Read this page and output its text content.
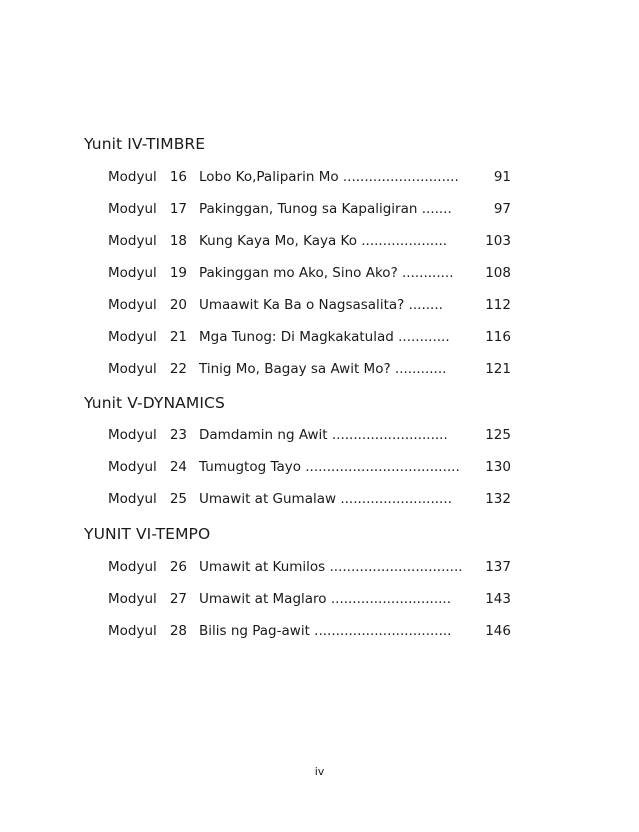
Yunit IV-TIMBRE
Modyul 16 Lobo Ko,Paliparin Mo ...........................	91
Modyul 17 Pakinggan, Tunog sa Kapaligiran .......	97
Modyul 18 Kung Kaya Mo, Kaya Ko ....................	103
Modyul 19 Pakinggan mo Ako, Sino Ako? ............ 108
Modyul 20 Umaawit Ka Ba o Nagsasalita? ........	112
Modyul 21 Mga Tunog: Di Magkakatulad ............	116
Modyul 22 Tinig Mo, Bagay sa Awit Mo? ............	121
Yunit V-DYNAMICS
Modyul 23 Damdamin ng Awit ...........................	125
Modyul 24 Tumugtog Tayo .................................... 130
Modyul 25 Umawit at Gumalaw .......................... 132
YUNIT VI-TEMPO
Modyul 26 Umawit at Kumilos ............................... 137
Modyul 27 Umawit at Maglaro ............................	143
Modyul 28 Bilis ng Pag-awit ................................ 146
iv
